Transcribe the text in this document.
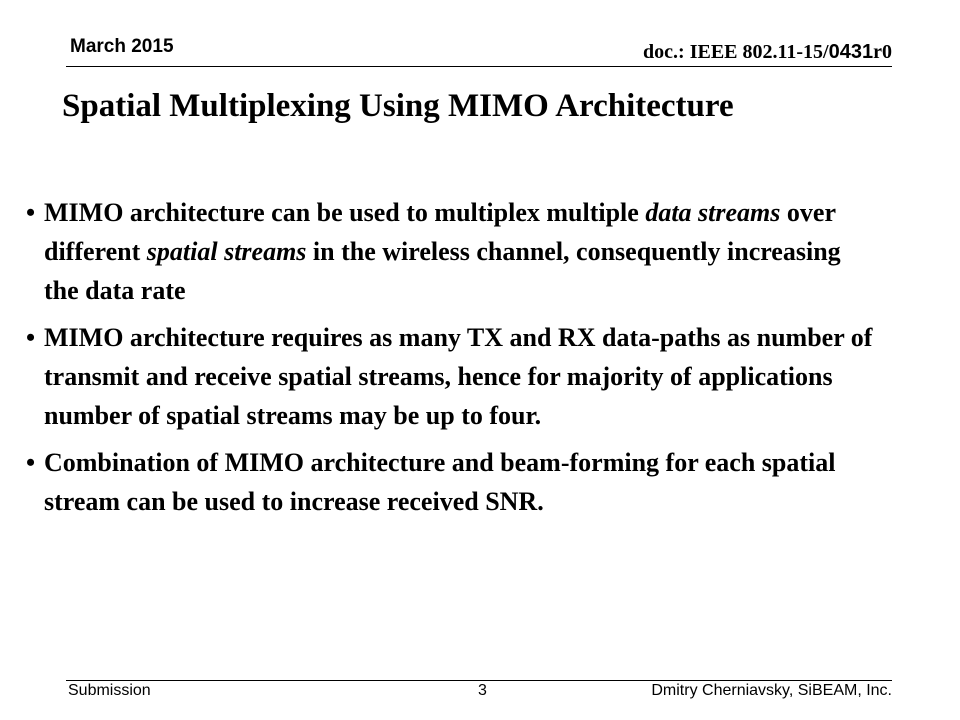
March 2015	doc.: IEEE 802.11-15/0431r0
Spatial Multiplexing Using MIMO Architecture
• MIMO architecture can be used to multiplex multiple data streams over different spatial streams in the wireless channel, consequently increasing the data rate
• MIMO architecture requires as many TX and RX data-paths as number of transmit and receive spatial streams, hence for majority of applications number of spatial streams may be up to four.
• Combination of MIMO architecture and beam-forming for each spatial stream can be used to increase received SNR.
Submission	3	Dmitry Cherniavsky, SiBEAM, Inc.
